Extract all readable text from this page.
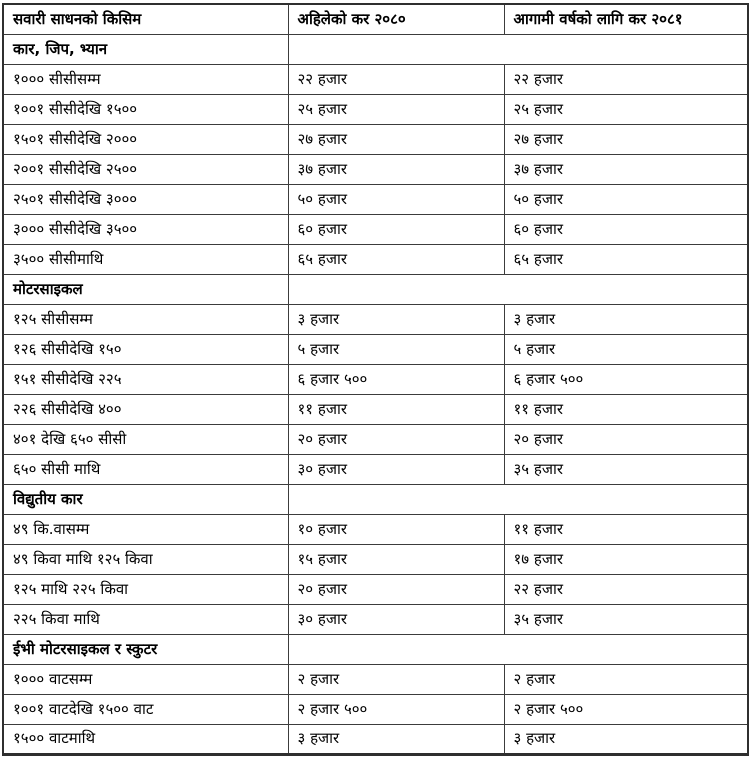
सवारी साधनको किसिम	अहिलेको कर २०८०	आगामी वर्षको लागि कर २०८१
कार, जिप, भ्यान		
१००० सीसीसम्म	२२ हजार	२२ हजार
१००१ सीसीदेखि १५००	२५ हजार	२५ हजार
१५०१ सीसीदेखि २०००	२७ हजार	२७ हजार
२००१ सीसीदेखि २५००	३७ हजार	३७ हजार
२५०१ सीसीदेखि ३०००	५० हजार	५० हजार
३००० सीसीदेखि ३५००	६० हजार	६० हजार
३५०० सीसीमाथि	६५ हजार	६५ हजार
मोटरसाइकल		
१२५ सीसीसम्म	३ हजार	३ हजार
१२६ सीसीदेखि १५०	५ हजार	५ हजार
१५१ सीसीदेखि २२५	६ हजार ५००	६ हजार ५००
२२६ सीसीदेखि ४००	११ हजार	११ हजार
४०१ देखि ६५० सीसी	२० हजार	२० हजार
६५० सीसी माथि	३० हजार	३५ हजार
विद्युतीय कार		
४९ कि.वासम्म	१० हजार	११ हजार
४९ किवा माथि १२५ किवा	१५ हजार	१७ हजार
१२५ माथि २२५ किवा	२० हजार	२२ हजार
२२५ किवा माथि	३० हजार	३५ हजार
ईभी मोटरसाइकल र स्कुटर		
१००० वाटसम्म	२ हजार	२ हजार
१००१ वाटदेखि १५०० वाट	२ हजार ५००	२ हजार ५००
१५०० वाटमाथि	३ हजार	३ हजार
